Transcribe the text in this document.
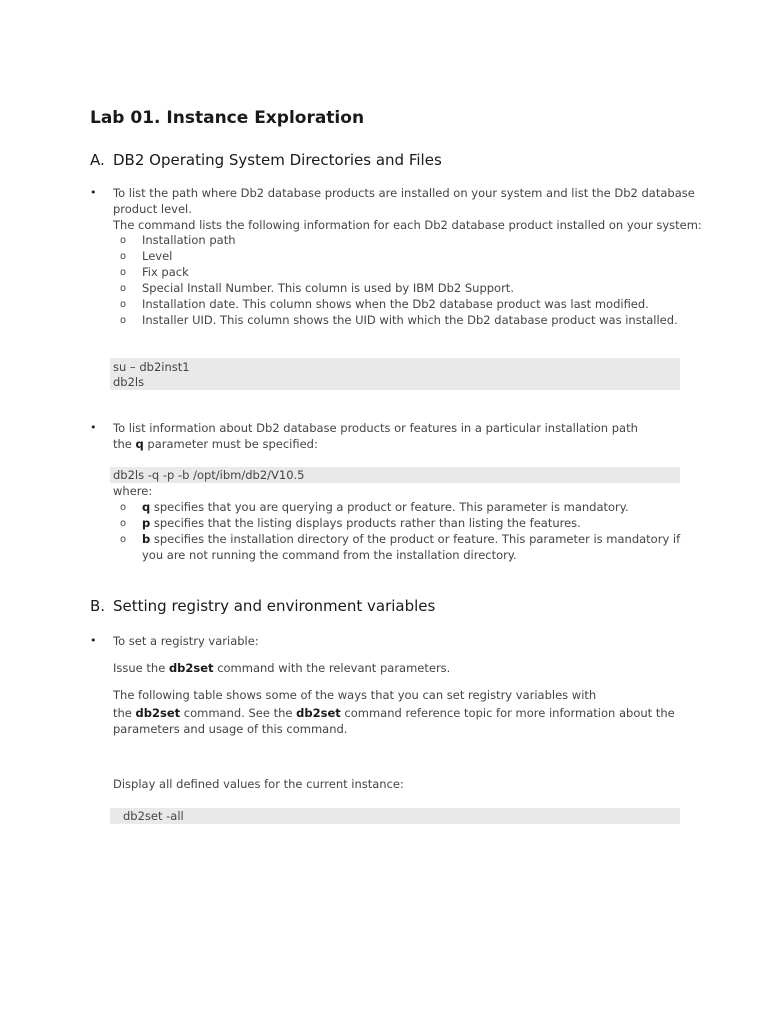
Lab 01. Instance Exploration
A. DB2 Operating System Directories and Files
• To list the path where Db2 database products are installed on your system and list the Db2 database
product level.
The command lists the following information for each Db2 database product installed on your system:
o Installation path
o Level
o Fix pack
o Special Install Number. This column is used by IBM Db2 Support.
o Installation date. This column shows when the Db2 database product was last modified.
o Installer UID. This column shows the UID with which the Db2 database product was installed.
su – db2inst1
db2ls
• To list information about Db2 database products or features in a particular installation path
the q parameter must be specified:
db2ls -q -p -b /opt/ibm/db2/V10.5
where:
o q specifies that you are querying a product or feature. This parameter is mandatory.
o p specifies that the listing displays products rather than listing the features.
o b specifies the installation directory of the product or feature. This parameter is mandatory if
you are not running the command from the installation directory.
B. Setting registry and environment variables
• To set a registry variable:
Issue the db2set command with the relevant parameters.
The following table shows some of the ways that you can set registry variables with
the db2set command. See the db2set command reference topic for more information about the
parameters and usage of this command.
Display all defined values for the current instance:
db2set -all
